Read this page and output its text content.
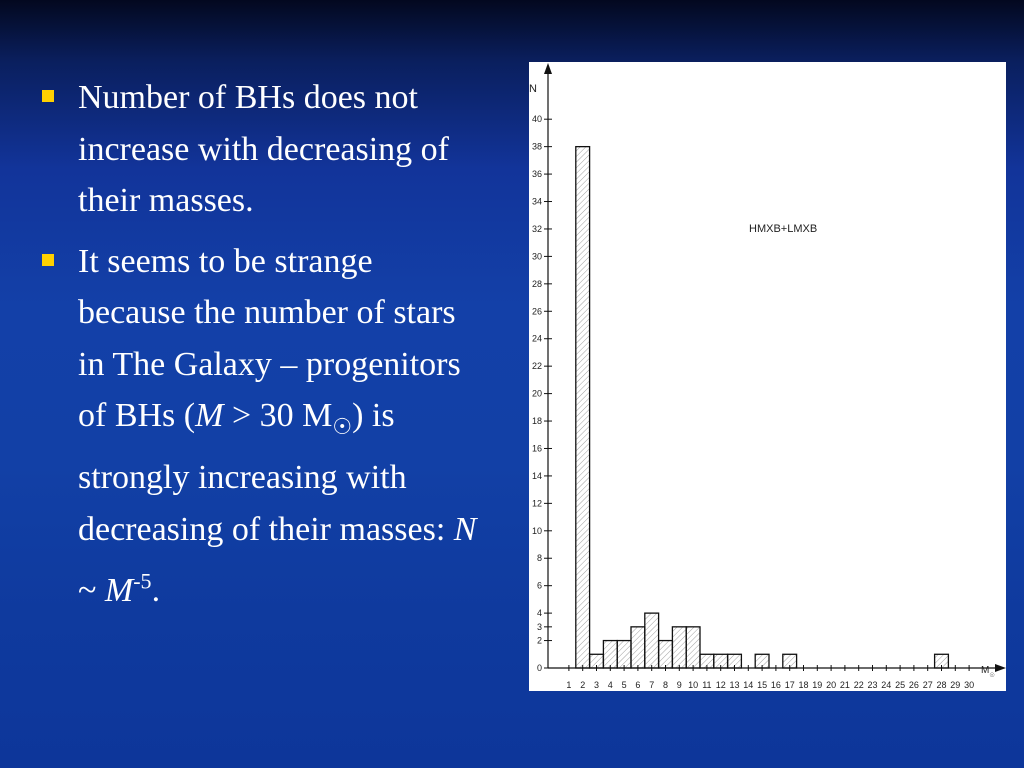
Number of BHs does not increase with decreasing of their masses.
It seems to be strange because the number of stars in The Galaxy – progenitors of BHs (M > 30 $M_☉$) is strongly increasing with decreasing of their masses: N ~ $M^{-5}$.
0
2
3
4
6
8
10
12
14
16
18
20
22
24
26
28
30
32
34
36
38
40
1 2 3 4 5 6 7 8 9 10 11 12 13 14 15 16 17 18 19 20 21 22 23 24 25 26 27 28 29 30
HMXB+LMXB
N
$M_☉$
